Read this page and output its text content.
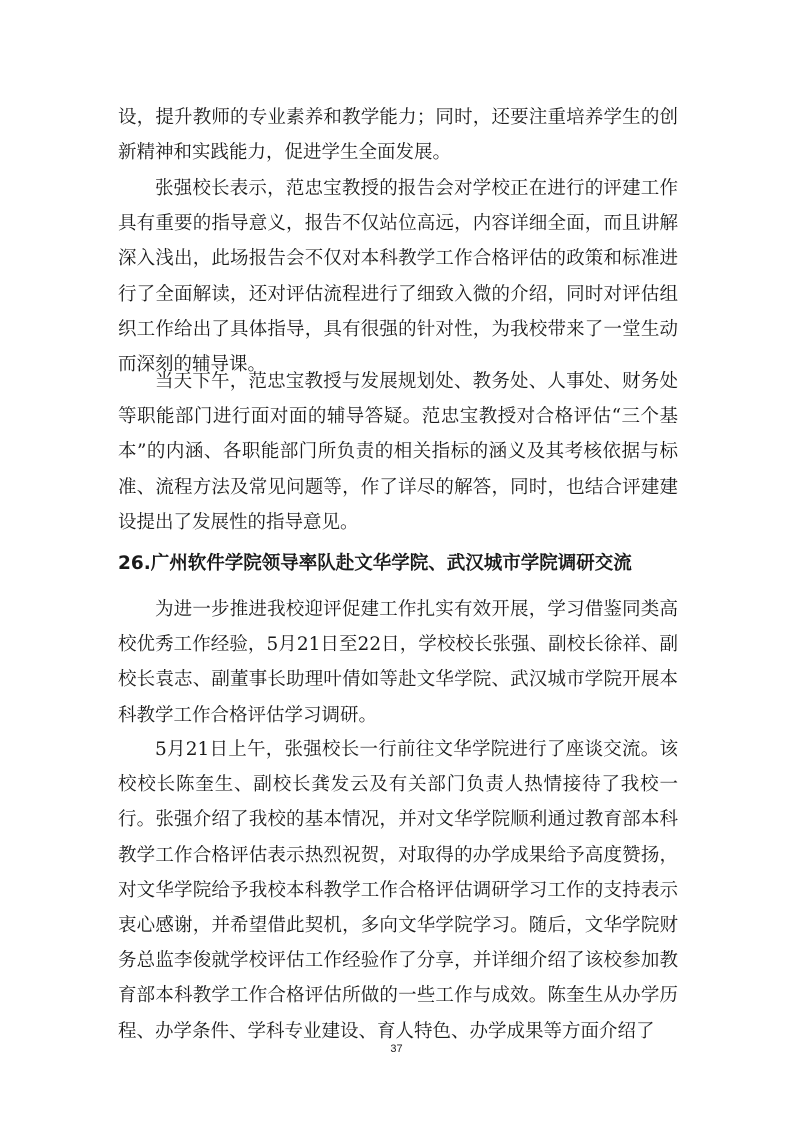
设，提升教师的专业素养和教学能力；同时，还要注重培养学生的创新精神和实践能力，促进学生全面发展。

张强校长表示，范忠宝教授的报告会对学校正在进行的评建工作具有重要的指导意义，报告不仅站位高远，内容详细全面，而且讲解深入浅出，此场报告会不仅对本科教学工作合格评估的政策和标准进行了全面解读，还对评估流程进行了细致入微的介绍，同时对评估组织工作给出了具体指导，具有很强的针对性，为我校带来了一堂生动而深刻的辅导课。

当天下午，范忠宝教授与发展规划处、教务处、人事处、财务处等职能部门进行面对面的辅导答疑。范忠宝教授对合格评估“三个基本”的内涵、各职能部门所负责的相关指标的涵义及其考核依据与标准、流程方法及常见问题等，作了详尽的解答，同时，也结合评建建设提出了发展性的指导意见。

26.广州软件学院领导率队赴文华学院、武汉城市学院调研交流

为进一步推进我校迎评促建工作扎实有效开展，学习借鉴同类高校优秀工作经验，5月21日至22日，学校校长张强、副校长徐祥、副校长袁志、副董事长助理叶倩如等赴文华学院、武汉城市学院开展本科教学工作合格评估学习调研。

5月21日上午，张强校长一行前往文华学院进行了座谈交流。该校校长陈奎生、副校长龚发云及有关部门负责人热情接待了我校一行。张强介绍了我校的基本情况，并对文华学院顺利通过教育部本科教学工作合格评估表示热烈祝贺，对取得的办学成果给予高度赞扬，对文华学院给予我校本科教学工作合格评估调研学习工作的支持表示衷心感谢，并希望借此契机，多向文华学院学习。随后，文华学院财务总监李俊就学校评估工作经验作了分享，并详细介绍了该校参加教育部本科教学工作合格评估所做的一些工作与成效。陈奎生从办学历程、办学条件、学科专业建设、育人特色、办学成果等方面介绍了

37
